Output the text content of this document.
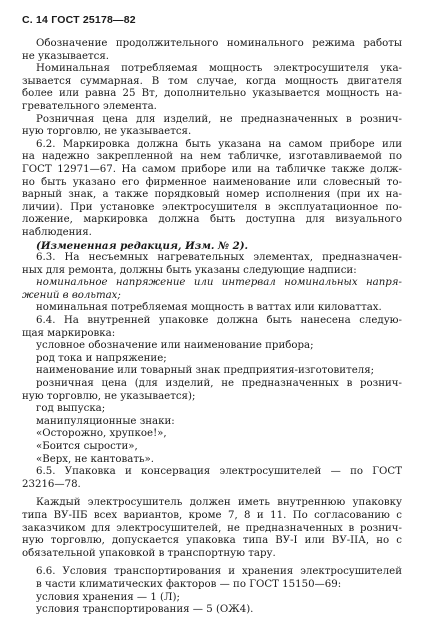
С. 14 ГОСТ 25178—82
Обозначение продолжительного номинального режима работы
не указывается.
Номинальная потребляемая мощность электросушителя ука-
зывается суммарная. В том случае, когда мощность двигателя
более или равна 25 Вт, дополнительно указывается мощность на-
гревательного элемента.
Розничная цена для изделий, не предназначенных в рознич-
ную торговлю, не указывается.
6.2. Маркировка должна быть указана на самом приборе или
на надежно закрепленной на нем табличке, изготавливаемой по
ГОСТ 12971—67. На самом приборе или на табличке также долж-
но быть указано его фирменное наименование или словесный то-
варный знак, а также порядковый номер исполнения (при их на-
личии). При установке электросушителя в эксплуатационное по-
ложение, маркировка должна быть доступна для визуального
наблюдения.
(Измененная редакция, Изм. № 2).
6.3. На несъемных нагревательных элементах, предназначен-
ных для ремонта, должны быть указаны следующие надписи:
номинальное напряжение или интервал номинальных напря-
жений в вольтах;
номинальная потребляемая мощность в ваттах или киловаттах.
6.4. На внутренней упаковке должна быть нанесена следую-
щая маркировка:
условное обозначение или наименование прибора;
род тока и напряжение;
наименование или товарный знак предприятия-изготовителя;
розничная цена (для изделий, не предназначенных в рознич-
ную торговлю, не указывается);
год выпуска;
манипуляционные знаки:
«Осторожно, хрупкое!»,
«Боится сырости»,
«Верх, не кантовать».
6.5. Упаковка и консервация электросушителей — по ГОСТ
23216—78.
Каждый электросушитель должен иметь внутреннюю упаковку
типа ВУ-IIБ всех вариантов, кроме 7, 8 и 11. По согласованию с
заказчиком для электросушителей, не предназначенных в рознич-
ную торговлю, допускается упаковка типа ВУ-I или ВУ-IIА, но с
обязательной упаковкой в транспортную тару.
6.6. Условия транспортирования и хранения электросушителей
в части климатических факторов — по ГОСТ 15150—69:
условия хранения — 1 (Л);
условия транспортирования — 5 (ОЖ4).
